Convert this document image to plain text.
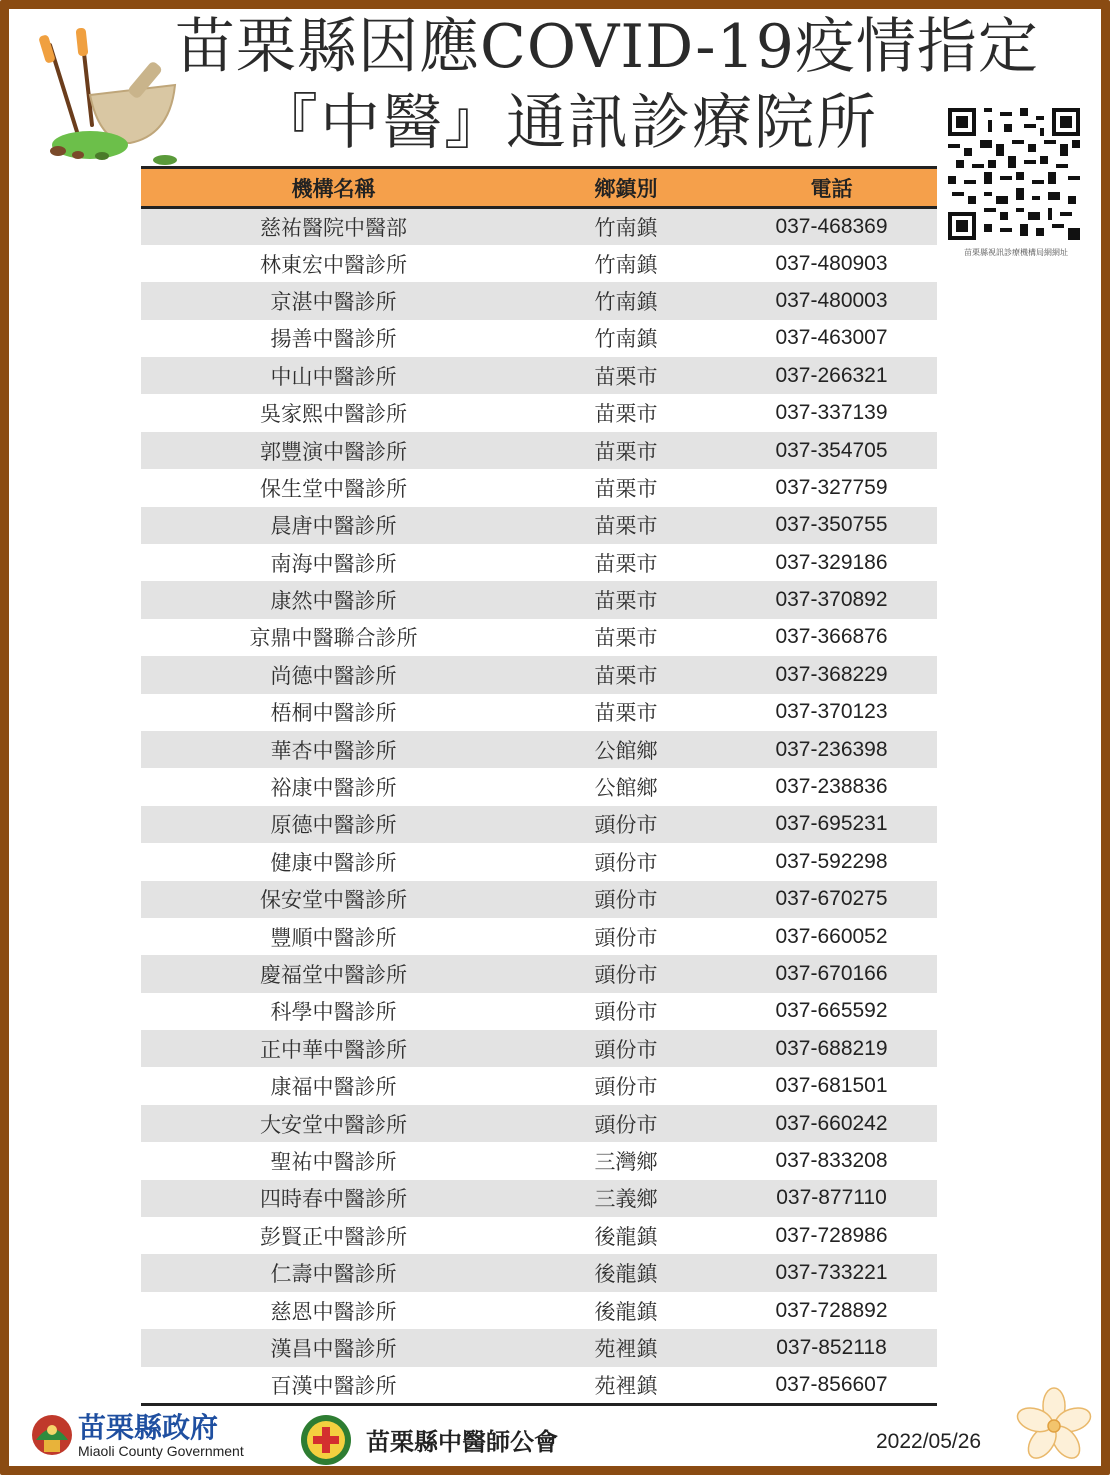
苗栗縣因應COVID-19疫情指定
『中醫』通訊診療院所
苗栗縣視訊診療機構局網網址
機構名稱	鄉鎮別	電話
慈祐醫院中醫部	竹南鎮	037-468369
林東宏中醫診所	竹南鎮	037-480903
京湛中醫診所	竹南鎮	037-480003
揚善中醫診所	竹南鎮	037-463007
中山中醫診所	苗栗市	037-266321
吳家熙中醫診所	苗栗市	037-337139
郭豐演中醫診所	苗栗市	037-354705
保生堂中醫診所	苗栗市	037-327759
晨唐中醫診所	苗栗市	037-350755
南海中醫診所	苗栗市	037-329186
康然中醫診所	苗栗市	037-370892
京鼎中醫聯合診所	苗栗市	037-366876
尚德中醫診所	苗栗市	037-368229
梧桐中醫診所	苗栗市	037-370123
華杏中醫診所	公館鄉	037-236398
裕康中醫診所	公館鄉	037-238836
原德中醫診所	頭份市	037-695231
健康中醫診所	頭份市	037-592298
保安堂中醫診所	頭份市	037-670275
豐順中醫診所	頭份市	037-660052
慶福堂中醫診所	頭份市	037-670166
科學中醫診所	頭份市	037-665592
正中華中醫診所	頭份市	037-688219
康福中醫診所	頭份市	037-681501
大安堂中醫診所	頭份市	037-660242
聖祐中醫診所	三灣鄉	037-833208
四時春中醫診所	三義鄉	037-877110
彭賢正中醫診所	後龍鎮	037-728986
仁壽中醫診所	後龍鎮	037-733221
慈恩中醫診所	後龍鎮	037-728892
漢昌中醫診所	苑裡鎮	037-852118
百漢中醫診所	苑裡鎮	037-856607
苗栗縣政府
Miaoli County Government	苗栗縣中醫師公會	2022/05/26
